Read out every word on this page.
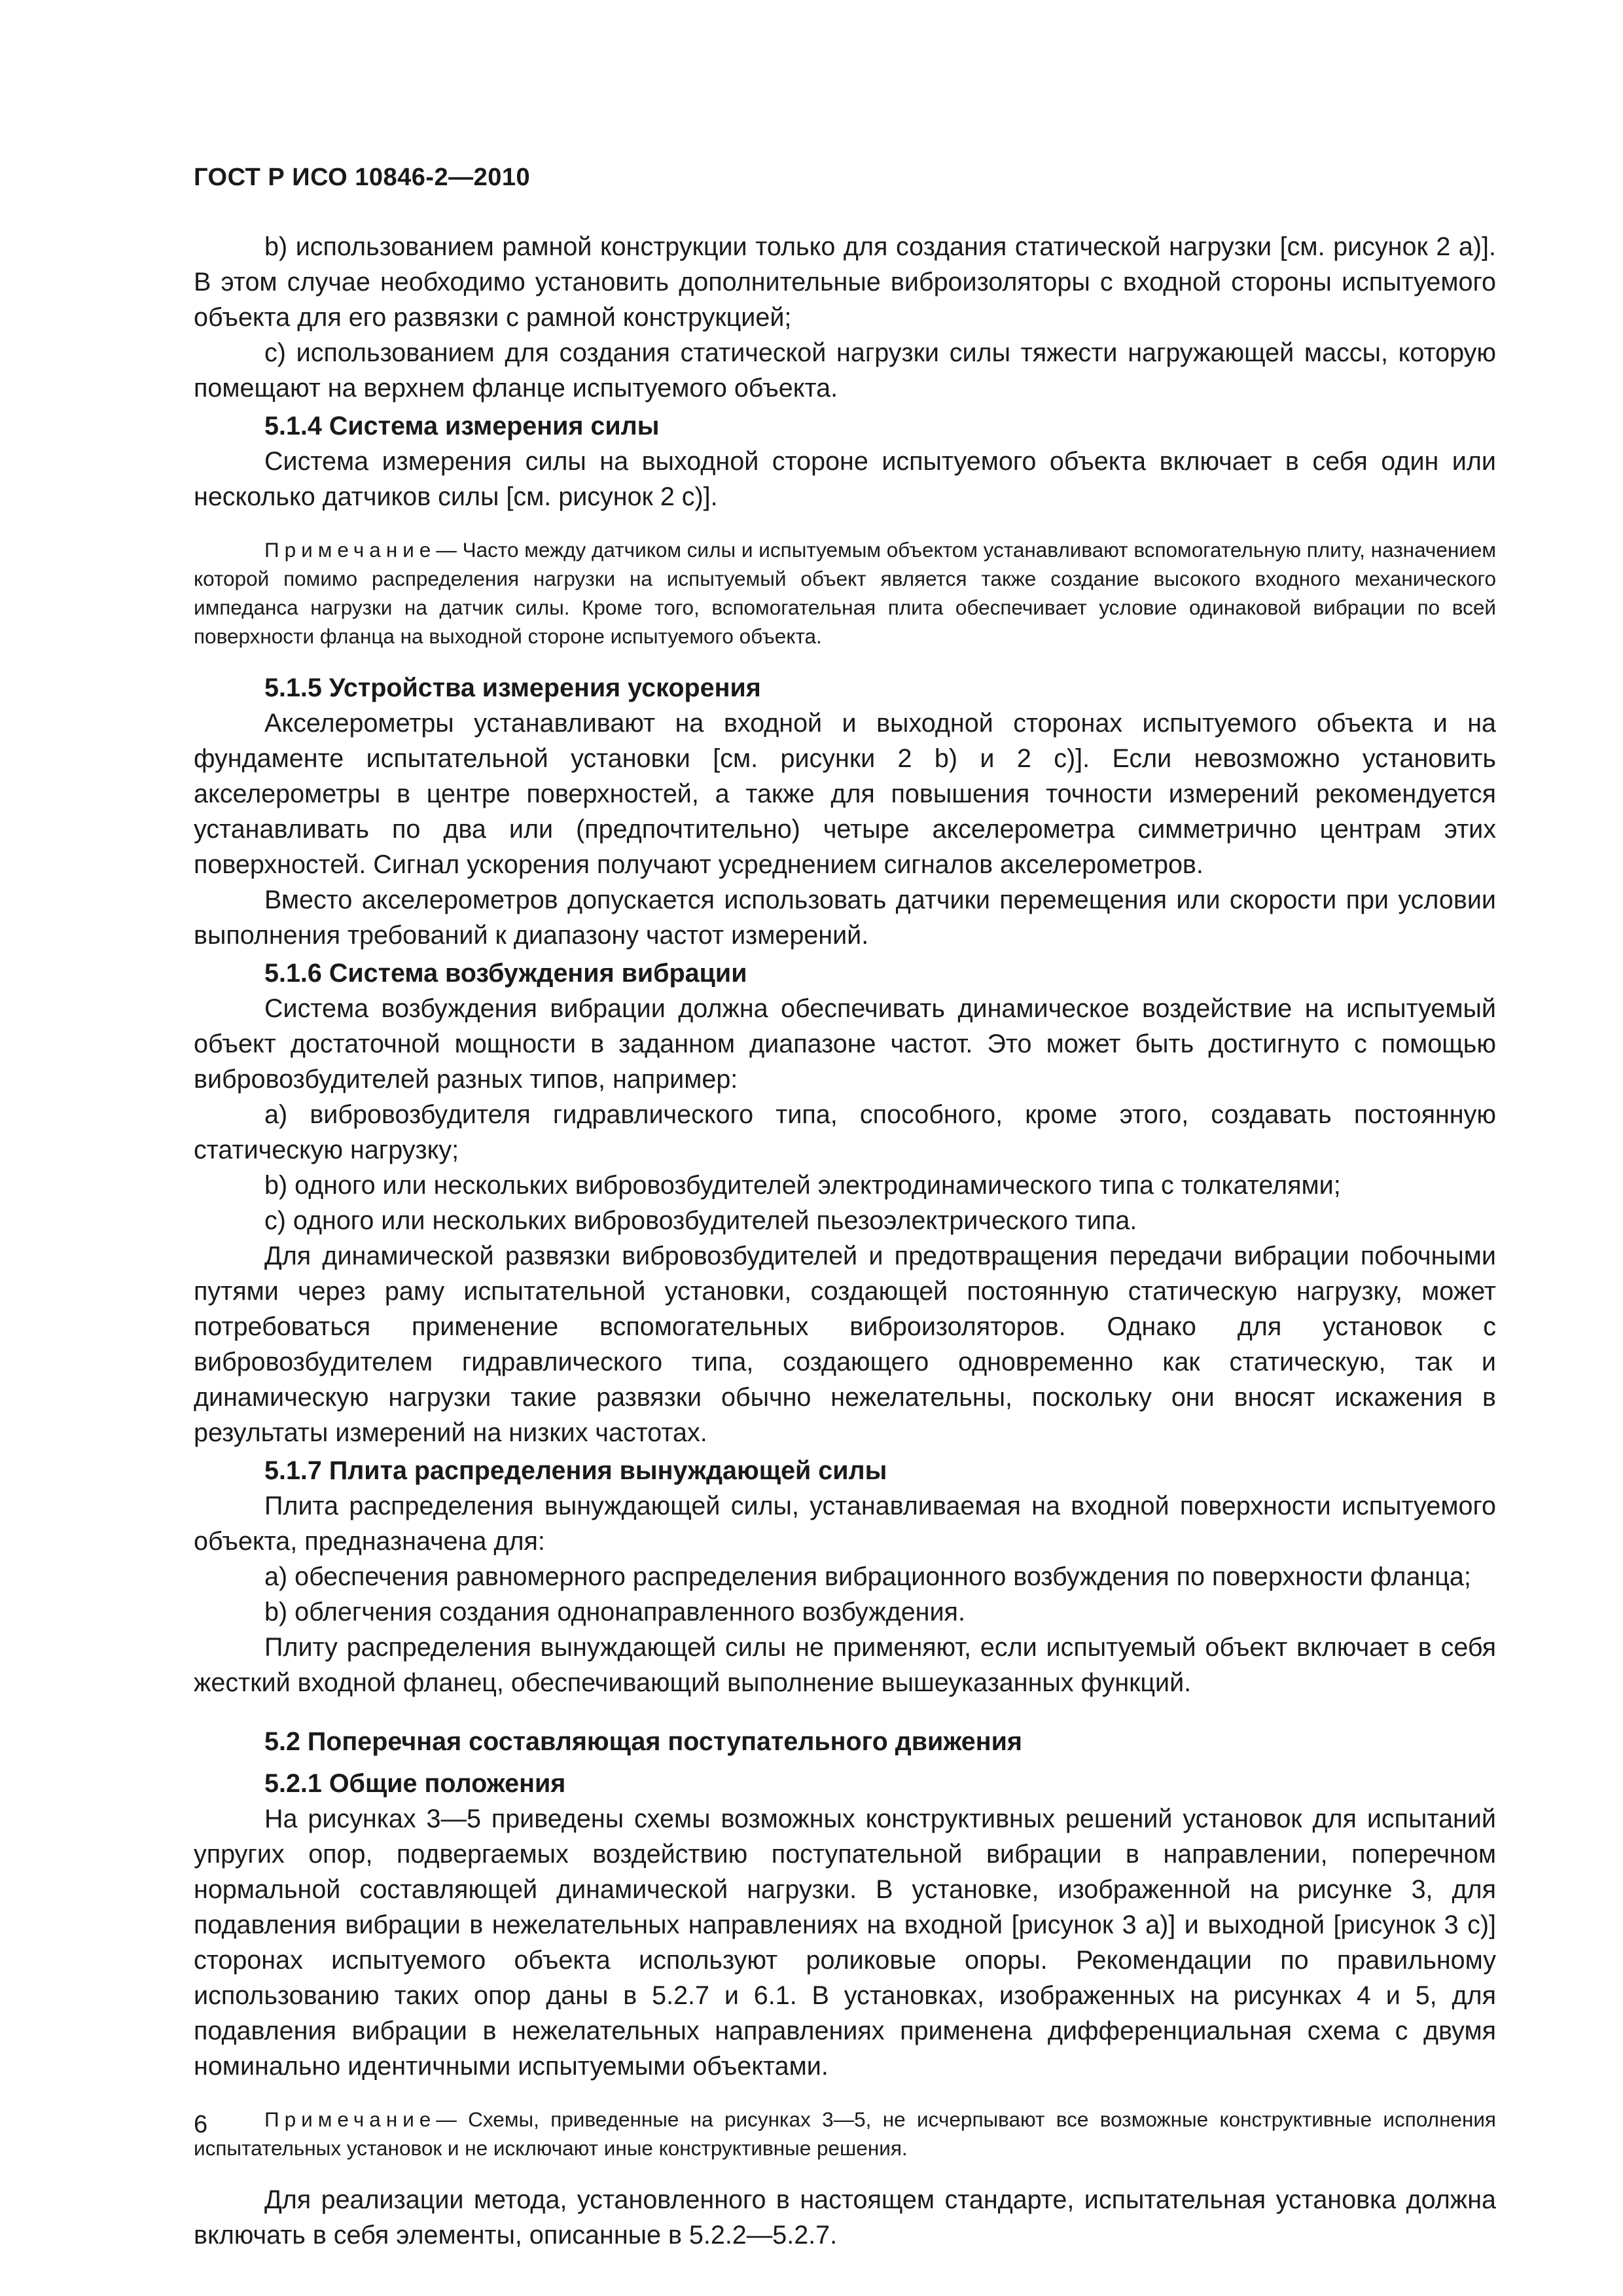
ГОСТ Р ИСО 10846-2—2010

b) использованием рамной конструкции только для создания статической нагрузки [см. рисунок 2 a)]. В этом случае необходимо установить дополнительные виброизоляторы с входной стороны испытуемого объекта для его развязки с рамной конструкцией;

c) использованием для создания статической нагрузки силы тяжести нагружающей массы, которую помещают на верхнем фланце испытуемого объекта.

5.1.4 Система измерения силы

Система измерения силы на выходной стороне испытуемого объекта включает в себя один или несколько датчиков силы [см. рисунок 2 c)].

Примечание— Часто между датчиком силы и испытуемым объектом устанавливают вспомогательную плиту, назначением которой помимо распределения нагрузки на испытуемый объект является также создание высокого входного механического импеданса нагрузки на датчик силы. Кроме того, вспомогательная плита обеспечивает условие одинаковой вибрации по всей поверхности фланца на выходной стороне испытуемого объекта.

5.1.5 Устройства измерения ускорения

Акселерометры устанавливают на входной и выходной сторонах испытуемого объекта и на фундаменте испытательной установки [см. рисунки 2 b) и 2 c)]. Если невозможно установить акселерометры в центре поверхностей, а также для повышения точности измерений рекомендуется устанавливать по два или (предпочтительно) четыре акселерометра симметрично центрам этих поверхностей. Сигнал ускорения получают усреднением сигналов акселерометров.

Вместо акселерометров допускается использовать датчики перемещения или скорости при условии выполнения требований к диапазону частот измерений.

5.1.6 Система возбуждения вибрации

Система возбуждения вибрации должна обеспечивать динамическое воздействие на испытуемый объект достаточной мощности в заданном диапазоне частот. Это может быть достигнуто с помощью вибровозбудителей разных типов, например:

a) вибровозбудителя гидравлического типа, способного, кроме этого, создавать постоянную статическую нагрузку;

b) одного или нескольких вибровозбудителей электродинамического типа с толкателями;

c) одного или нескольких вибровозбудителей пьезоэлектрического типа.

Для динамической развязки вибровозбудителей и предотвращения передачи вибрации побочными путями через раму испытательной установки, создающей постоянную статическую нагрузку, может потребоваться применение вспомогательных виброизоляторов. Однако для установок с вибровозбудителем гидравлического типа, создающего одновременно как статическую, так и динамическую нагрузки такие развязки обычно нежелательны, поскольку они вносят искажения в результаты измерений на низких частотах.

5.1.7 Плита распределения вынуждающей силы

Плита распределения вынуждающей силы, устанавливаемая на входной поверхности испытуемого объекта, предназначена для:

a) обеспечения равномерного распределения вибрационного возбуждения по поверхности фланца;

b) облегчения создания однонаправленного возбуждения.

Плиту распределения вынуждающей силы не применяют, если испытуемый объект включает в себя жесткий входной фланец, обеспечивающий выполнение вышеуказанных функций.

5.2 Поперечная составляющая поступательного движения
5.2.1 Общие положения

На рисунках 3—5 приведены схемы возможных конструктивных решений установок для испытаний упругих опор, подвергаемых воздействию поступательной вибрации в направлении, поперечном нормальной составляющей динамической нагрузки. В установке, изображенной на рисунке 3, для подавления вибрации в нежелательных направлениях на входной [рисунок 3 a)] и выходной [рисунок 3 c)] сторонах испытуемого объекта используют роликовые опоры. Рекомендации по правильному использованию таких опор даны в 5.2.7 и 6.1. В установках, изображенных на рисунках 4 и 5, для подавления вибрации в нежелательных направлениях применена дифференциальная схема с двумя номинально идентичными испытуемыми объектами.

Примечание— Схемы, приведенные на рисунках 3—5, не исчерпывают все возможные конструктивные исполнения испытательных установок и не исключают иные конструктивные решения.

Для реализации метода, установленного в настоящем стандарте, испытательная установка должна включать в себя элементы, описанные в 5.2.2—5.2.7.

6
